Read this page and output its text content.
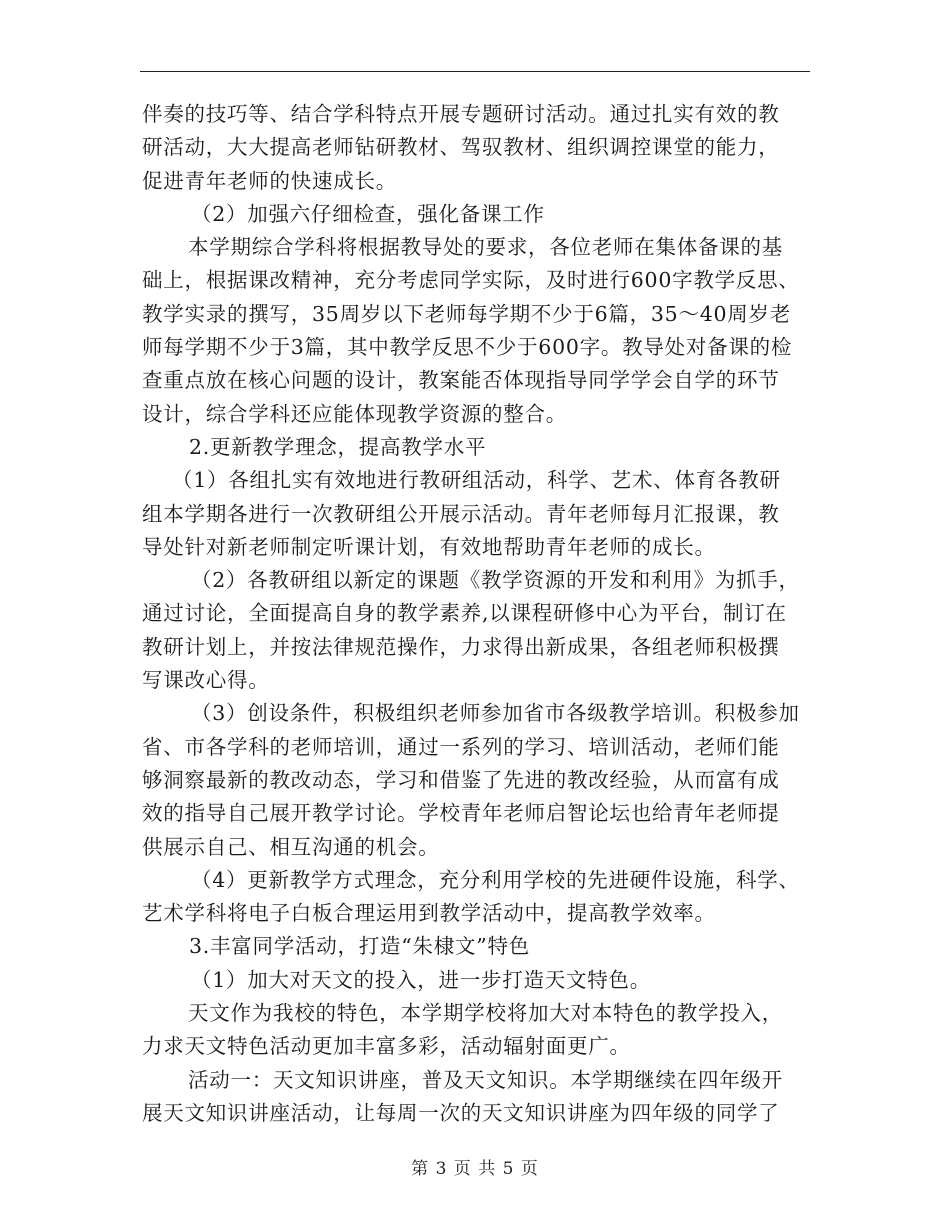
伴奏的技巧等、结合学科特点开展专题研讨活动。通过扎实有效的教
研活动，大大提高老师钻研教材、驾驭教材、组织调控课堂的能力，
促进青年老师的快速成长。
（2）加强六仔细检查，强化备课工作
本学期综合学科将根据教导处的要求，各位老师在集体备课的基
础上，根据课改精神，充分考虑同学实际，及时进行600字教学反思、
教学实录的撰写，35周岁以下老师每学期不少于6篇，35～40周岁老
师每学期不少于3篇，其中教学反思不少于600字。教导处对备课的检
查重点放在核心问题的设计，教案能否体现指导同学学会自学的环节
设计，综合学科还应能体现教学资源的整合。
2.更新教学理念，提高教学水平
（1）各组扎实有效地进行教研组活动，科学、艺术、体育各教研
组本学期各进行一次教研组公开展示活动。青年老师每月汇报课，教
导处针对新老师制定听课计划，有效地帮助青年老师的成长。
（2）各教研组以新定的课题《教学资源的开发和利用》为抓手，
通过讨论，全面提高自身的教学素养,以课程研修中心为平台，制订在
教研计划上，并按法律规范操作，力求得出新成果，各组老师积极撰
写课改心得。
（3）创设条件，积极组织老师参加省市各级教学培训。积极参加
省、市各学科的老师培训，通过一系列的学习、培训活动，老师们能
够洞察最新的教改动态，学习和借鉴了先进的教改经验，从而富有成
效的指导自己展开教学讨论。学校青年老师启智论坛也给青年老师提
供展示自己、相互沟通的机会。
（4）更新教学方式理念，充分利用学校的先进硬件设施，科学、
艺术学科将电子白板合理运用到教学活动中，提高教学效率。
3.丰富同学活动，打造“朱棣文”特色
（1）加大对天文的投入，进一步打造天文特色。
天文作为我校的特色，本学期学校将加大对本特色的教学投入，
力求天文特色活动更加丰富多彩，活动辐射面更广。
活动一：天文知识讲座，普及天文知识。本学期继续在四年级开
展天文知识讲座活动，让每周一次的天文知识讲座为四年级的同学了
第 3 页 共 5 页
